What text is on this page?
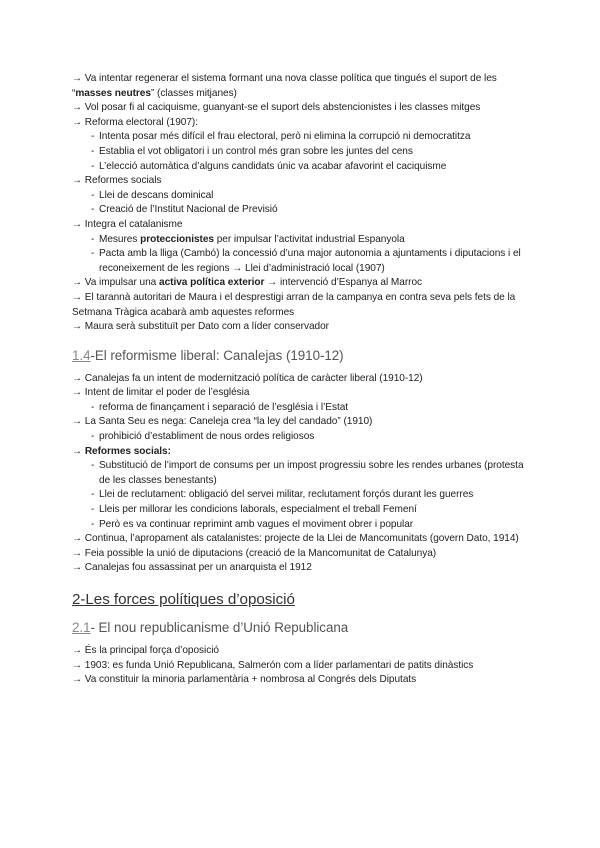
→ Va intentar regenerar el sistema formant una nova classe política que tingués el suport de les “masses neutres” (classes mitjanes)
→ Vol posar fi al caciquisme, guanyant-se el suport dels abstencionistes i les classes mitges
→ Reforma electoral (1907):
- Intenta posar més difícil el frau electoral, però ni elimina la corrupció ni democratitza
- Establia el vot obligatori i un control més gran sobre les juntes del cens
- L’elecció automàtica d’alguns candidats únic va acabar afavorint el caciquisme
→ Reformes socials
- Llei de descans dominical
- Creació de l’Institut Nacional de Previsió
→ Integra el catalanisme
- Mesures proteccionistes per impulsar l’activitat industrial Espanyola
- Pacta amb la lliga (Cambó) la concessió d’una major autonomia a ajuntaments i diputacions i el reconeixement de les regions → Llei d’administració local (1907)
→ Va impulsar una activa política exterior → intervenció d’Espanya al Marroc
→ El tarannà autoritari de Maura i el desprestigi arran de la campanya en contra seva pels fets de la Setmana Tràgica acabarà amb aquestes reformes
→ Maura serà substituït per Dato com a líder conservador
1.4-El reformisme liberal: Canalejas (1910-12)
→ Canalejas fa un intent de modernització política de caràcter liberal (1910-12)
→ Intent de limitar el poder de l’església
- reforma de finançament i separació de l’església i l’Estat
→ La Santa Seu es nega: Caneleja crea “la ley del candado” (1910)
- prohibició d’establiment de nous ordes religiosos
→ Reformes socials:
- Substitució de l’import de consums per un impost progressiu sobre les rendes urbanes (protesta de les classes benestants)
- Llei de reclutament: obligació del servei militar, reclutament forçós durant les guerres
- Lleis per millorar les condicions laborals, especialment el treball Femení
- Però es va continuar reprimint amb vagues el moviment obrer i popular
→ Continua, l’apropament als catalanistes: projecte de la Llei de Mancomunitats (govern Dato, 1914)
→ Feia possible la unió de diputacions (creació de la Mancomunitat de Catalunya)
→ Canalejas fou assassinat per un anarquista el 1912
2-Les forces polítiques d’oposició
2.1- El nou republicanisme d’Unió Republicana
→ És la principal força d’oposició
→ 1903: es funda Unió Republicana, Salmerón com a líder parlamentari de patits dinàstics
→ Va constituir la minoria parlamentària + nombrosa al Congrés dels Diputats
